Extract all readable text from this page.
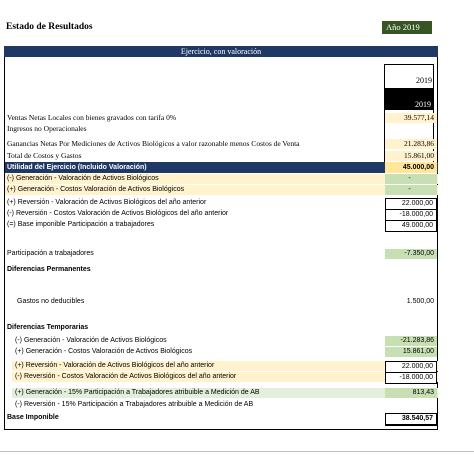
Estado de Resultados	Año 2019
Ejercicio, con valoración
2019
2019
Ventas Netas Locales con bienes gravados con tarifa 0%	39.577,14
Ingresos no Operacionales
Ganancias Netas Por Mediciones de Activos Biológicos a valor razonable menos Costos de Venta	21.283,86
Total de Costos y Gastos	15.861,00
Utilidad del Ejercicio (Incluido Valoración)	45.000,00
(-) Generación - Valoración de Activos Biológicos	-
(+) Generación - Costos Valoración de Activos Biológicos	-
(+) Reversión - Valoración de Activos Biológicos del año anterior	22.000,00
(-) Reversión - Costos Valoración de Activos Biológicos del año anterior	-18.000,00
(=) Base imponible Participación a trabajadores	49.000,00
Participación a trabajadores	-7.350,00
Diferencias Permanentes
Gastos no deducibles	1.500,00
Diferencias Temporarias
(-) Generación - Valoración de Activos Biológicos	-21.283,86
(+) Generación - Costos Valoración de Activos Biológicos	15.861,00
(+) Reversión - Valoración de Activos Biológicos del año anterior	22.000,00
(-) Reversión - Costos Valoración de Activos Biológicos del año anterior	-18.000,00
(+) Generación - 15% Participación a Trabajadores atribuible a Medición de AB	813,43
(-) Reversión - 15% Participación a Trabajadores atribuible a Medición de AB
Base Imponible	38.540,57
